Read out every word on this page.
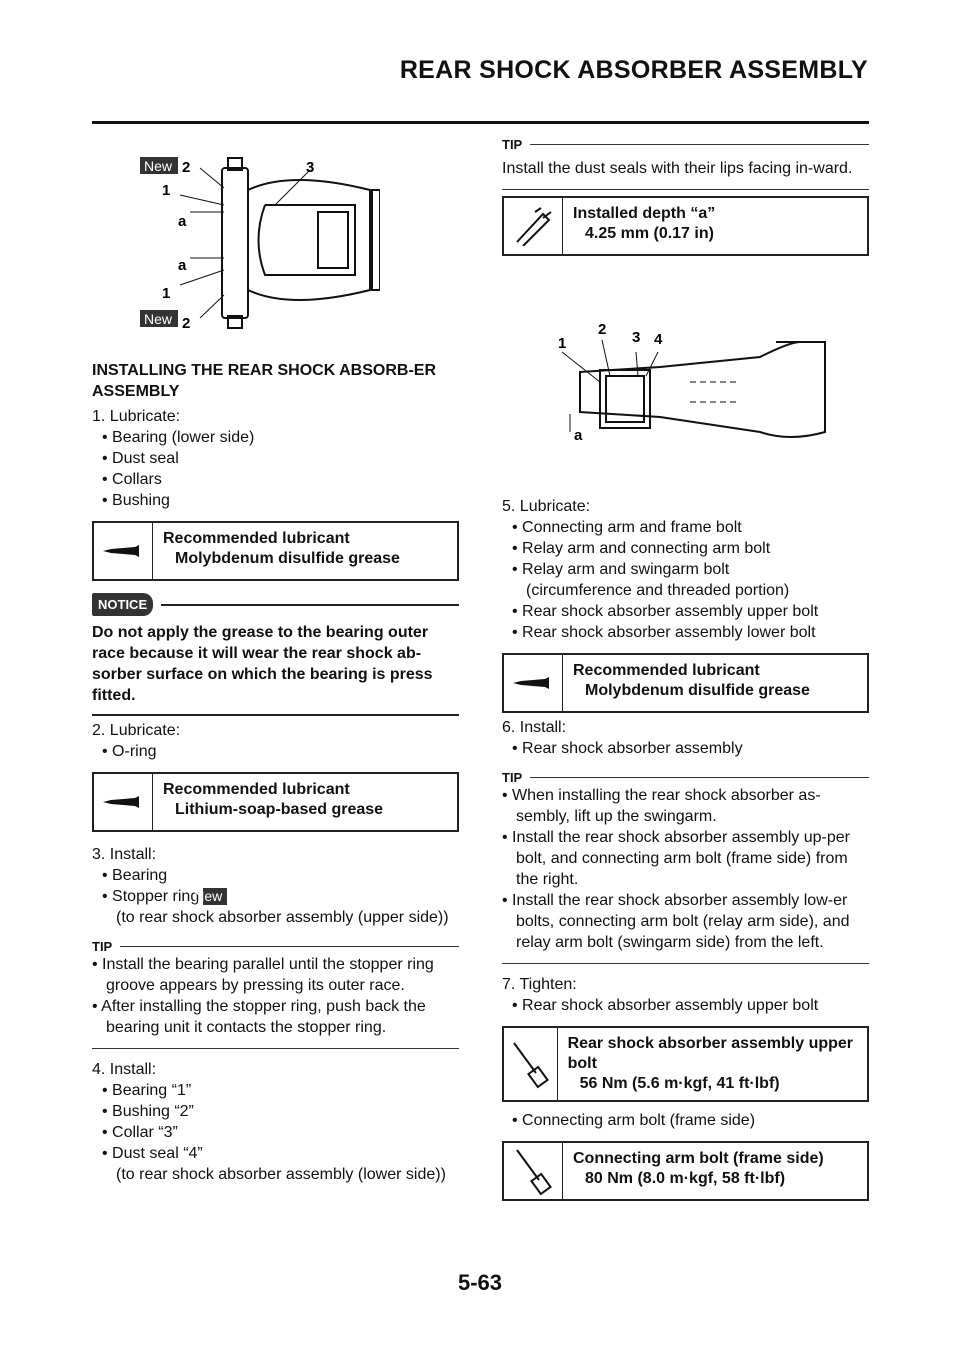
REAR SHOCK ABSORBER ASSEMBLY
New
New
2	3
1
a
a
1
2

INSTALLING THE REAR SHOCK ABSORB-ER ASSEMBLY

1. Lubricate:
• Bearing (lower side)
• Dust seal
• Collars
• Bushing
Recommended lubricant
Molybdenum disulfide grease
NOTICE
Do not apply the grease to the bearing outer race because it will wear the rear shock ab-sorber surface on which the bearing is press fitted.
2. Lubricate:
• O-ring
Recommended lubricant
Lithium-soap-based grease
3. Install:
• Bearing
• Stopper ringNew
(to rear shock absorber assembly (upper side))
TIP
• Install the bearing parallel until the stopper ring groove appears by pressing its outer race.
• After installing the stopper ring, push back the bearing unit it contacts the stopper ring.
4. Install:
• Bearing “1”
• Bushing “2”
• Collar “3”
• Dust seal “4”
(to rear shock absorber assembly (lower side))
TIP
Install the dust seals with their lips facing in-ward.
Installed depth “a”
4.25 mm (0.17 in)
1
2 3 4
a
5. Lubricate:
• Connecting arm and frame bolt
• Relay arm and connecting arm bolt
• Relay arm and swingarm bolt
(circumference and threaded portion)
• Rear shock absorber assembly upper bolt
• Rear shock absorber assembly lower bolt
Recommended lubricant
Molybdenum disulfide grease
6. Install:
• Rear shock absorber assembly
TIP
• When installing the rear shock absorber as-sembly, lift up the swingarm.
• Install the rear shock absorber assembly up-per bolt, and connecting arm bolt (frame side) from the right.
• Install the rear shock absorber assembly low-er bolts, connecting arm bolt (relay arm side), and relay arm bolt (swingarm side) from the left.
7. Tighten:
• Rear shock absorber assembly upper bolt
Rear shock absorber assembly upper bolt
56 Nm (5.6 m·kgf, 41 ft·lbf)
• Connecting arm bolt (frame side)
Connecting arm bolt (frame side)
80 Nm (8.0 m·kgf, 58 ft·lbf)
5-63
